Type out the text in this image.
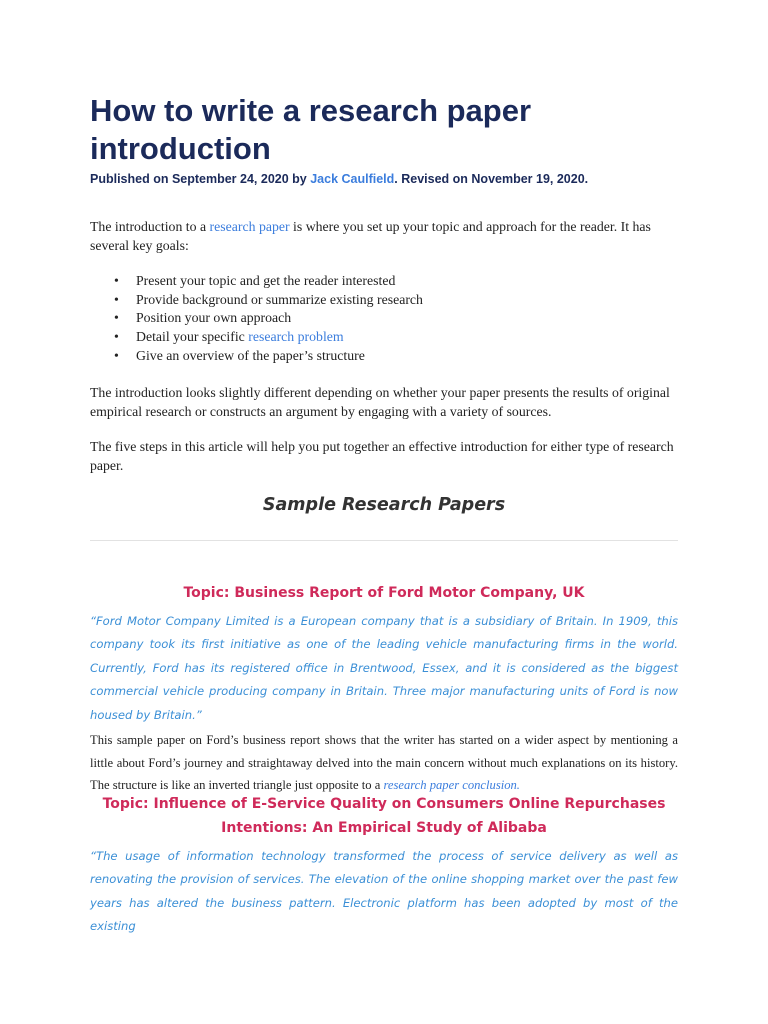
How to write a research paper introduction
Published on September 24, 2020 by Jack Caulfield. Revised on November 19, 2020.

The introduction to a research paper is where you set up your topic and approach for the reader. It has several key goals:

• Present your topic and get the reader interested
• Provide background or summarize existing research
• Position your own approach
• Detail your specific research problem
• Give an overview of the paper’s structure

The introduction looks slightly different depending on whether your paper presents the results of original empirical research or constructs an argument by engaging with a variety of sources.

The five steps in this article will help you put together an effective introduction for either type of research paper.

Sample Research Papers
Topic: Business Report of Ford Motor Company, UK

“Ford Motor Company Limited is a European company that is a subsidiary of Britain. In 1909, this company took its first initiative as one of the leading vehicle manufacturing firms in the world. Currently, Ford has its registered office in Brentwood, Essex, and it is considered as the biggest commercial vehicle producing company in Britain. Three major manufacturing units of Ford is now housed by Britain.”

This sample paper on Ford’s business report shows that the writer has started on a wider aspect by mentioning a little about Ford’s journey and straightaway delved into the main concern without much explanations on its history. The structure is like an inverted triangle just opposite to a research paper conclusion.

Topic: Influence of E-Service Quality on Consumers Online Repurchases Intentions: An Empirical Study of Alibaba

“The usage of information technology transformed the process of service delivery as well as renovating the provision of services. The elevation of the online shopping market over the past few years has altered the business pattern. Electronic platform has been adopted by most of the existing
